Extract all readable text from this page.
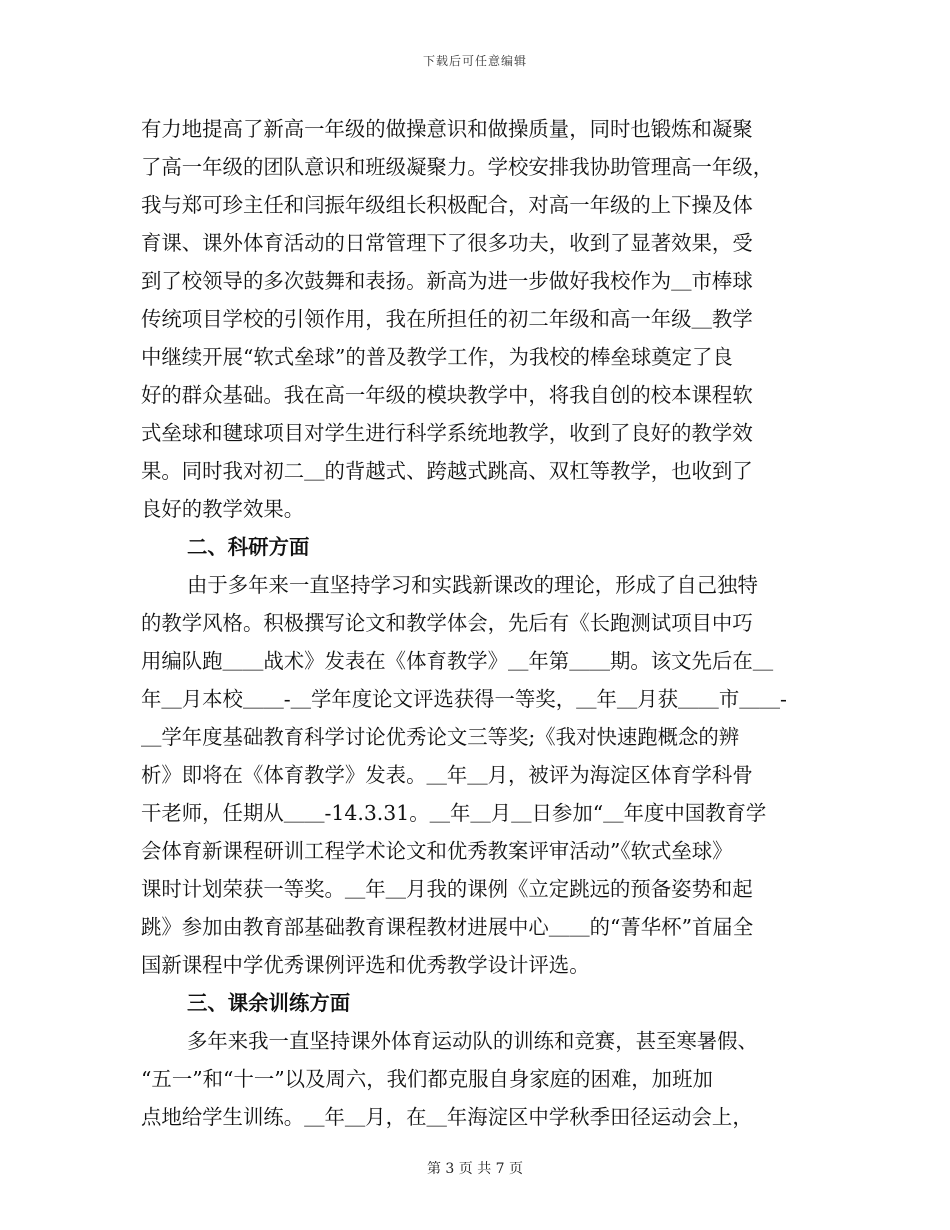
下载后可任意编辑
有力地提高了新高一年级的做操意识和做操质量，同时也锻炼和凝聚
了高一年级的团队意识和班级凝聚力。学校安排我协助管理高一年级，
我与郑可珍主任和闫振年级组长积极配合，对高一年级的上下操及体
育课、课外体育活动的日常管理下了很多功夫，收到了显著效果，受
到了校领导的多次鼓舞和表扬。新高为进一步做好我校作为＿市棒球
传统项目学校的引领作用，我在所担任的初二年级和高一年级＿教学
中继续开展“软式垒球”的普及教学工作，为我校的棒垒球奠定了良
好的群众基础。我在高一年级的模块教学中，将我自创的校本课程软
式垒球和毽球项目对学生进行科学系统地教学，收到了良好的教学效
果。同时我对初二＿的背越式、跨越式跳高、双杠等教学，也收到了
良好的教学效果。
二、科研方面
由于多年来一直坚持学习和实践新课改的理论，形成了自己独特
的教学风格。积极撰写论文和教学体会，先后有《长跑测试项目中巧
用编队跑＿＿战术》发表在《体育教学》＿年第＿＿期。该文先后在＿
年＿月本校＿＿-＿学年度论文评选获得一等奖，＿年＿月获＿＿市＿＿-
＿学年度基础教育科学讨论优秀论文三等奖;《我对快速跑概念的辨
析》即将在《体育教学》发表。＿年＿月，被评为海淀区体育学科骨
干老师，任期从＿＿-14.3.31。＿年＿月＿日参加“＿年度中国教育学
会体育新课程研训工程学术论文和优秀教案评审活动”《软式垒球》
课时计划荣获一等奖。＿年＿月我的课例《立定跳远的预备姿势和起
跳》参加由教育部基础教育课程教材进展中心＿＿的“菁华杯”首届全
国新课程中学优秀课例评选和优秀教学设计评选。
三、课余训练方面
多年来我一直坚持课外体育运动队的训练和竞赛，甚至寒暑假、
“五一”和“十一”以及周六，我们都克服自身家庭的困难，加班加
点地给学生训练。＿年＿月，在＿年海淀区中学秋季田径运动会上，
第 3 页 共 7 页
